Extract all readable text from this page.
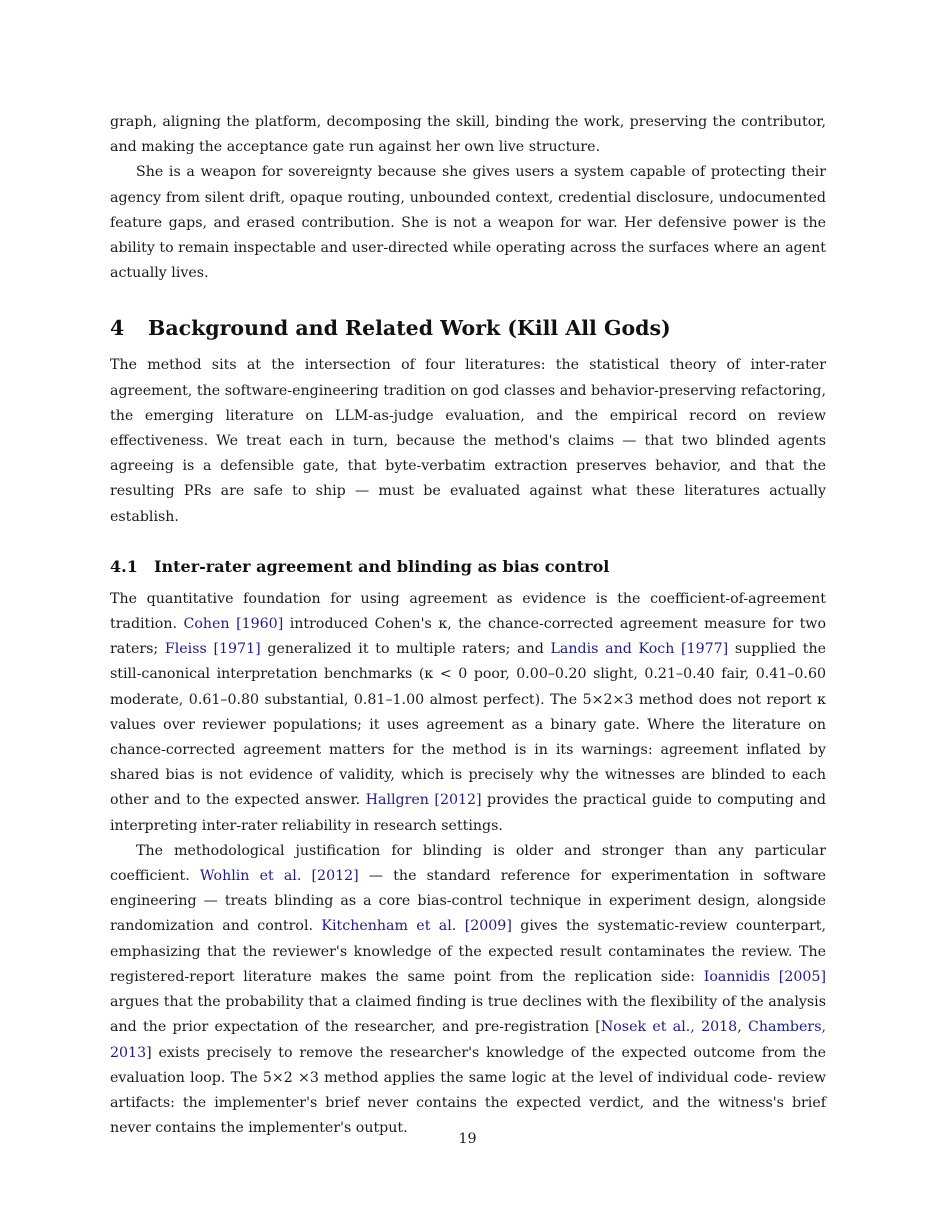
graph, aligning the platform, decomposing the skill, binding the work, preserving the contributor, and making the acceptance gate run against her own live structure.

She is a weapon for sovereignty because she gives users a system capable of protecting their agency from silent drift, opaque routing, unbounded context, credential disclosure, undocumented feature gaps, and erased contribution. She is not a weapon for war. Her defensive power is the ability to remain inspectable and user-directed while operating across the surfaces where an agent actually lives.

4 Background and Related Work (Kill All Gods)

The method sits at the intersection of four literatures: the statistical theory of inter-rater agreement, the software-engineering tradition on god classes and behavior-preserving refactoring, the emerging literature on LLM-as-judge evaluation, and the empirical record on review effectiveness. We treat each in turn, because the method's claims — that two blinded agents agreeing is a defensible gate, that byte-verbatim extraction preserves behavior, and that the resulting PRs are safe to ship — must be evaluated against what these literatures actually establish.

4.1 Inter-rater agreement and blinding as bias control

The quantitative foundation for using agreement as evidence is the coefficient-of-agreement tradition. Cohen [1960] introduced Cohen's κ, the chance-corrected agreement measure for two raters; Fleiss [1971] generalized it to multiple raters; and Landis and Koch [1977] supplied the still-canonical interpretation benchmarks (κ < 0 poor, 0.00–0.20 slight, 0.21–0.40 fair, 0.41–0.60 moderate, 0.61–0.80 substantial, 0.81–1.00 almost perfect). The 5×2×3 method does not report κ values over reviewer populations; it uses agreement as a binary gate. Where the literature on chance-corrected agreement matters for the method is in its warnings: agreement inflated by shared bias is not evidence of validity, which is precisely why the witnesses are blinded to each other and to the expected answer. Hallgren [2012] provides the practical guide to computing and interpreting inter-rater reliability in research settings.

The methodological justification for blinding is older and stronger than any particular coefficient. Wohlin et al. [2012] — the standard reference for experimentation in software engineering — treats blinding as a core bias-control technique in experiment design, alongside randomization and control. Kitchenham et al. [2009] gives the systematic-review counterpart, emphasizing that the reviewer's knowledge of the expected result contaminates the review. The registered-report literature makes the same point from the replication side: Ioannidis [2005] argues that the probability that a claimed finding is true declines with the flexibility of the analysis and the prior expectation of the researcher, and pre-registration [Nosek et al., 2018, Chambers, 2013] exists precisely to remove the researcher's knowledge of the expected outcome from the evaluation loop. The 5×2 ×3 method applies the same logic at the level of individual code- review artifacts: the implementer's brief never contains the expected verdict, and the witness's brief never contains the implementer's output.

19
